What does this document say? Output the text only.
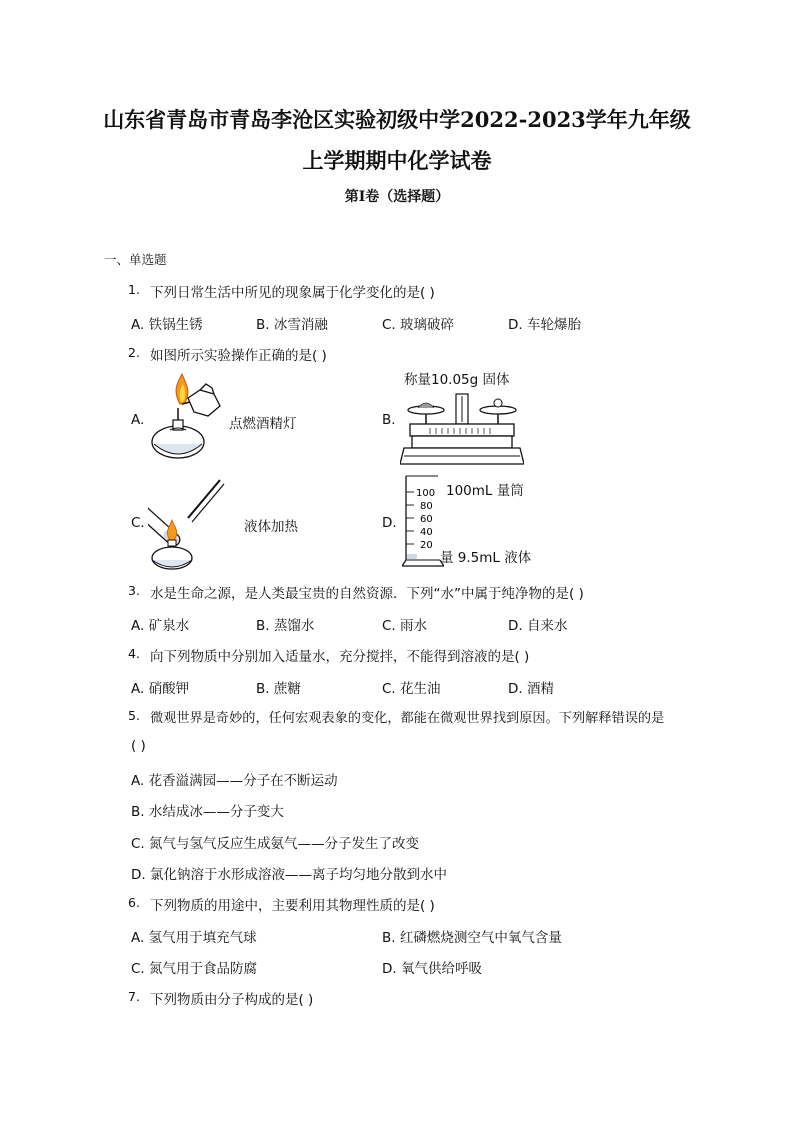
山东省青岛市青岛李沧区实验初级中学2022-2023学年九年级
上学期期中化学试卷
第I卷（选择题）
一、单选题
1. 下列日常生活中所见的现象属于化学变化的是( )
A. 铁锅生锈	B. 冰雪消融	C. 玻璃破碎	D. 车轮爆胎
2. 如图所示实验操作正确的是( )
A.	点燃酒精灯	B.
称量10.05g 固体
C.	液体加热	D.
100
80
60
40
20
100mL 量筒
量 9.5mL 液体
3. 水是生命之源，是人类最宝贵的自然资源．下列“水”中属于纯净物的是( )
A. 矿泉水	B. 蒸馏水	C. 雨水	D. 自来水
4. 向下列物质中分别加入适量水，充分搅拌，不能得到溶液的是( )
A. 硝酸钾	B. 蔗糖	C. 花生油	D. 酒精
5. 微观世界是奇妙的，任何宏观表象的变化，都能在微观世界找到原因。下列解释错误的是
( )
A. 花香溢满园——分子在不断运动
B. 水结成冰——分子变大
C. 氮气与氢气反应生成氨气——分子发生了改变
D. 氯化钠溶于水形成溶液——离子均匀地分散到水中
6. 下列物质的用途中，主要利用其物理性质的是( )
A. 氢气用于填充气球	B. 红磷燃烧测空气中氧气含量
C. 氮气用于食品防腐	D. 氧气供给呼吸
7. 下列物质由分子构成的是( )
